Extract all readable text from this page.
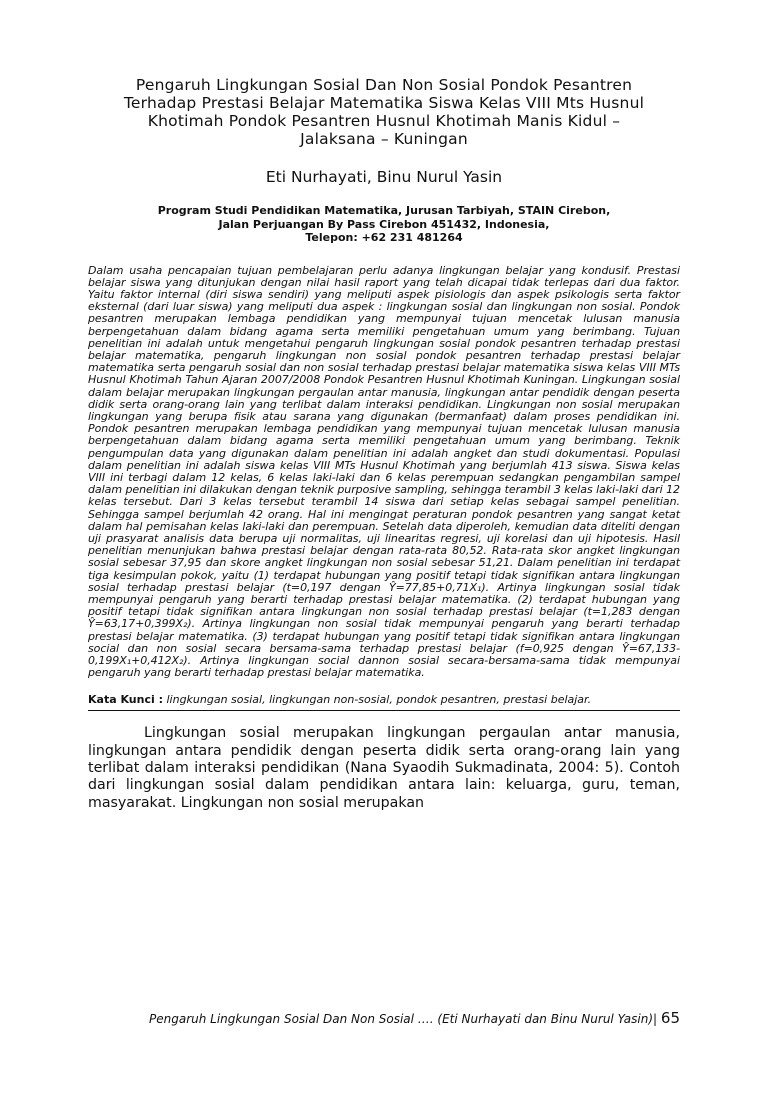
Pengaruh Lingkungan Sosial Dan Non Sosial Pondok Pesantren
Terhadap Prestasi Belajar Matematika Siswa Kelas VIII Mts Husnul
Khotimah Pondok Pesantren Husnul Khotimah Manis Kidul –
Jalaksana – Kuningan
Eti Nurhayati, Binu Nurul Yasin
Program Studi Pendidikan Matematika, Jurusan Tarbiyah, STAIN Cirebon,
Jalan Perjuangan By Pass Cirebon 451432, Indonesia,
Telepon: +62 231 481264

Dalam usaha pencapaian tujuan pembelajaran perlu adanya lingkungan belajar yang kondusif. Prestasi belajar siswa yang ditunjukan dengan nilai hasil raport yang telah dicapai tidak terlepas dari dua faktor. Yaitu faktor internal (diri siswa sendiri) yang meliputi aspek pisiologis dan aspek psikologis serta faktor eksternal (dari luar siswa) yang meliputi dua aspek : lingkungan sosial dan lingkungan non sosial. Pondok pesantren merupakan lembaga pendidikan yang mempunyai tujuan mencetak lulusan manusia berpengetahuan dalam bidang agama serta memiliki pengetahuan umum yang berimbang. Tujuan penelitian ini adalah untuk mengetahui pengaruh lingkungan sosial pondok pesantren terhadap prestasi belajar matematika, pengaruh lingkungan non sosial pondok pesantren terhadap prestasi belajar matematika serta pengaruh sosial dan non sosial terhadap prestasi belajar matematika siswa kelas VIII MTs Husnul Khotimah Tahun Ajaran 2007/2008 Pondok Pesantren Husnul Khotimah Kuningan. Lingkungan sosial dalam belajar merupakan lingkungan pergaulan antar manusia, lingkungan antar pendidik dengan peserta didik serta orang-orang lain yang terlibat dalam interaksi pendidikan. Lingkungan non sosial merupakan lingkungan yang berupa fisik atau sarana yang digunakan (bermanfaat) dalam proses pendidikan ini. Pondok pesantren merupakan lembaga pendidikan yang mempunyai tujuan mencetak lulusan manusia berpengetahuan dalam bidang agama serta memiliki pengetahuan umum yang berimbang. Teknik pengumpulan data yang digunakan dalam penelitian ini adalah angket dan studi dokumentasi. Populasi dalam penelitian ini adalah siswa kelas VIII MTs Husnul Khotimah yang berjumlah 413 siswa. Siswa kelas VIII ini terbagi dalam 12 kelas, 6 kelas laki-laki dan 6 kelas perempuan sedangkan pengambilan sampel dalam penelitian ini dilakukan dengan teknik purposive sampling, sehingga terambil 3 kelas laki-laki dari 12 kelas tersebut. Dari 3 kelas tersebut terambil 14 siswa dari setiap kelas sebagai sampel penelitian. Sehingga sampel berjumlah 42 orang. Hal ini mengingat peraturan pondok pesantren yang sangat ketat dalam hal pemisahan kelas laki-laki dan perempuan. Setelah data diperoleh, kemudian data diteliti dengan uji prasyarat analisis data berupa uji normalitas, uji linearitas regresi, uji korelasi dan uji hipotesis. Hasil penelitian menunjukan bahwa prestasi belajar dengan rata-rata 80,52. Rata-rata skor angket lingkungan sosial sebesar 37,95 dan skore angket lingkungan non sosial sebesar 51,21. Dalam penelitian ini terdapat tiga kesimpulan pokok, yaitu (1) terdapat hubungan yang positif tetapi tidak signifikan antara lingkungan sosial terhadap prestasi belajar (t=0,197 dengan Ŷ=77,85+0,71X₁). Artinya lingkungan sosial tidak mempunyai pengaruh yang berarti terhadap prestasi belajar matematika. (2) terdapat hubungan yang positif tetapi tidak signifikan antara lingkungan non sosial terhadap prestasi belajar (t=1,283 dengan Ŷ=63,17+0,399X₂). Artinya lingkungan non sosial tidak mempunyai pengaruh yang berarti terhadap prestasi belajar matematika. (3) terdapat hubungan yang positif tetapi tidak signifikan antara lingkungan social dan non sosial secara bersama-sama terhadap prestasi belajar (f=0,925 dengan Ŷ=67,133-0,199X₁+0,412X₂). Artinya lingkungan social dannon sosial secara-bersama-sama tidak mempunyai pengaruh yang berarti terhadap prestasi belajar matematika.

Kata Kunci : lingkungan sosial, lingkungan non-sosial, pondok pesantren, prestasi belajar.

Lingkungan sosial merupakan lingkungan pergaulan antar manusia, lingkungan antara pendidik dengan peserta didik serta orang-orang lain yang terlibat dalam interaksi pendidikan (Nana Syaodih Sukmadinata, 2004: 5). Contoh dari lingkungan sosial dalam pendidikan antara lain: keluarga, guru, teman, masyarakat. Lingkungan non sosial merupakan

Pengaruh Lingkungan Sosial Dan Non Sosial …. (Eti Nurhayati dan Binu Nurul Yasin)| 65
